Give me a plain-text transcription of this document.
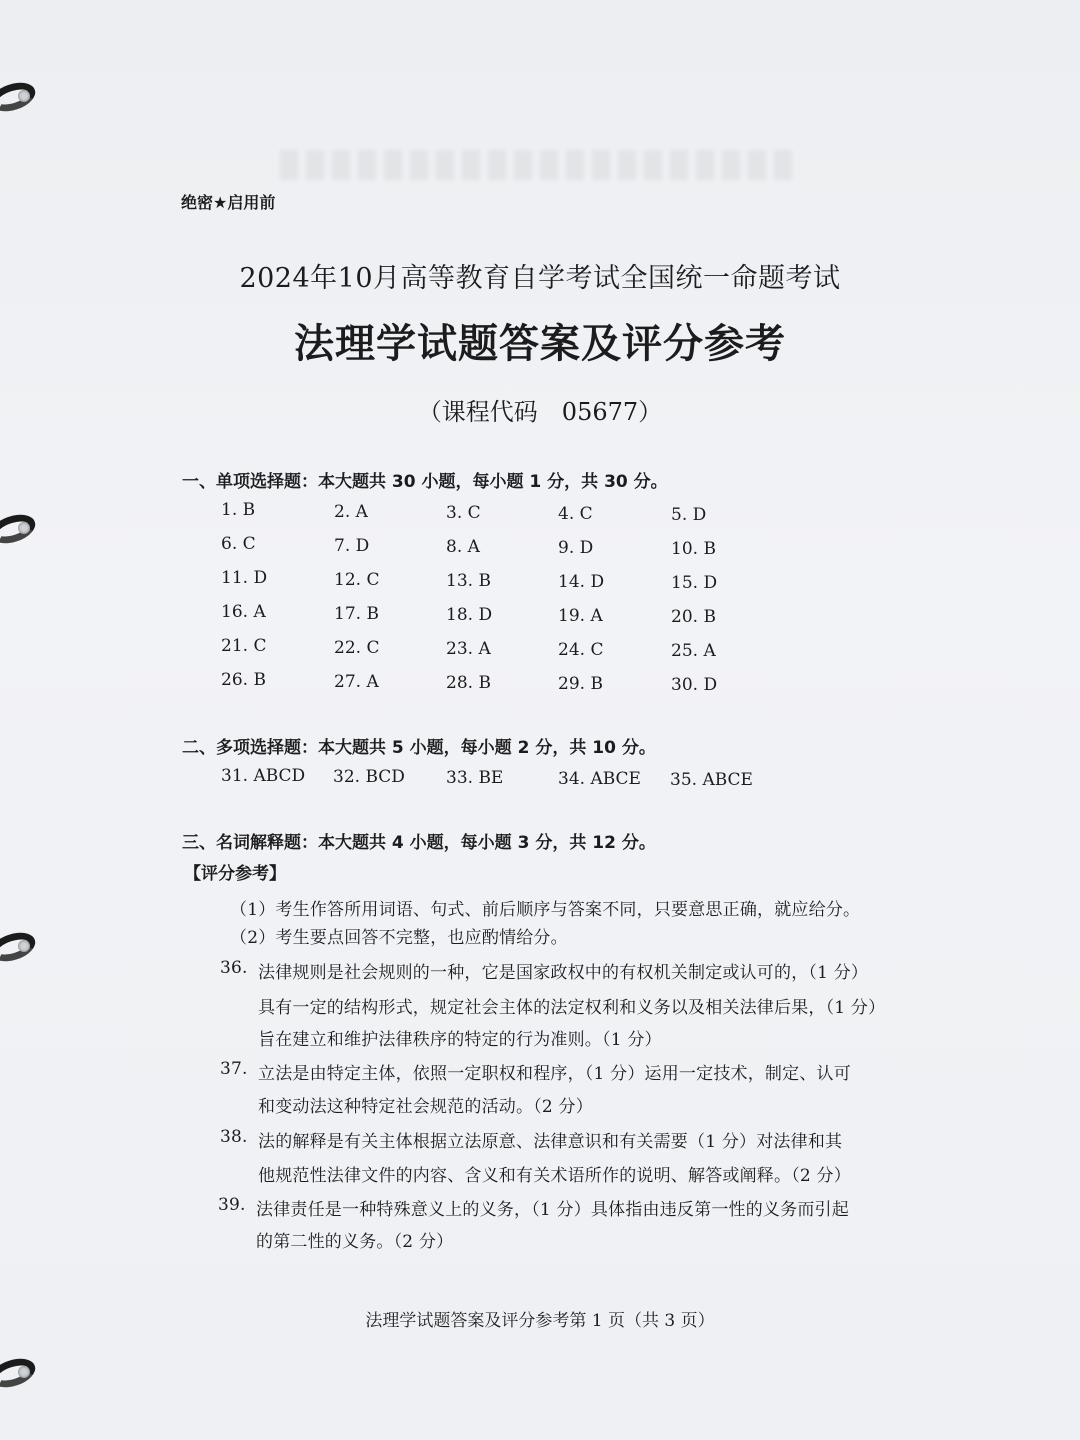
绝密★启用前
2024年10月高等教育自学考试全国统一命题考试
法理学试题答案及评分参考
（课程代码　05677）
一、单项选择题：本大题共 30 小题，每小题 1 分，共 30 分。
1. B	2. A	3. C	4. C	5. D
6. C	7. D	8. A	9. D	10. B
11. D	12. C	13. B	14. D	15. D
16. A	17. B	18. D	19. A	20. B
21. C	22. C	23. A	24. C	25. A
26. B	27. A	28. B	29. B	30. D
二、多项选择题：本大题共 5 小题，每小题 2 分，共 10 分。
31. ABCD 32. BCD 33. BE	34. ABCE 35. ABCE
三、名词解释题：本大题共 4 小题，每小题 3 分，共 12 分。
【评分参考】
（1）考生作答所用词语、句式、前后顺序与答案不同，只要意思正确，就应给分。
（2）考生要点回答不完整，也应酌情给分。
36. 法律规则是社会规则的一种，它是国家政权中的有权机关制定或认可的，（1 分）
具有一定的结构形式，规定社会主体的法定权利和义务以及相关法律后果，（1 分）
旨在建立和维护法律秩序的特定的行为准则。（1 分）
37. 立法是由特定主体，依照一定职权和程序，（1 分）运用一定技术，制定、认可
和变动法这种特定社会规范的活动。（2 分）
38. 法的解释是有关主体根据立法原意、法律意识和有关需要（1 分）对法律和其
他规范性法律文件的内容、含义和有关术语所作的说明、解答或阐释。（2 分）
39. 法律责任是一种特殊意义上的义务，（1 分）具体指由违反第一性的义务而引起
的第二性的义务。（2 分）
法理学试题答案及评分参考第 1 页（共 3 页）
